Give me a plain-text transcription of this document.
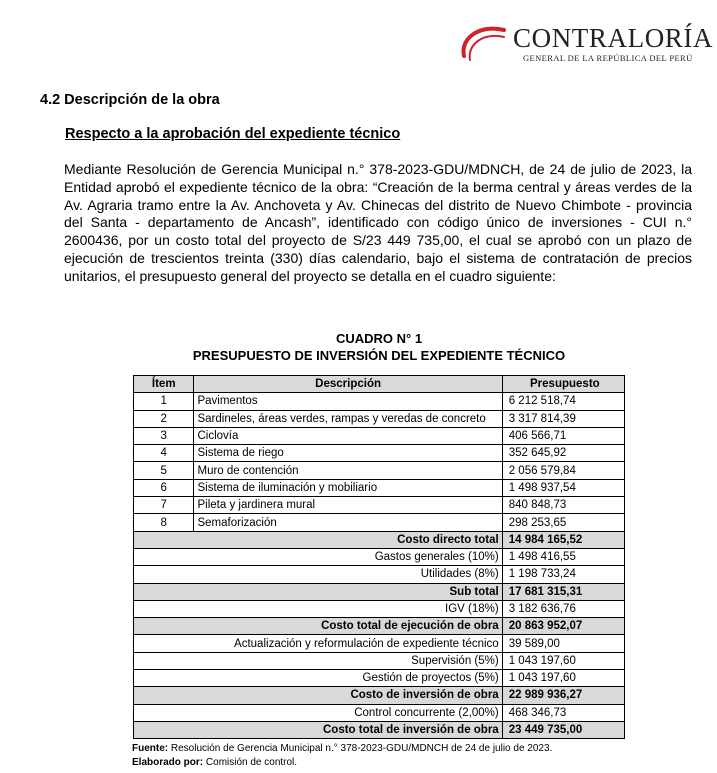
CONTRALORÍA
GENERAL DE LA REPÚBLICA DEL PERÚ
4.2 Descripción de la obra
Respecto a la aprobación del expediente técnico
Mediante Resolución de Gerencia Municipal n.° 378-2023-GDU/MDNCH, de 24 de julio de 2023, la Entidad aprobó el expediente técnico de la obra: “Creación de la berma central y áreas verdes de la Av. Agraria tramo entre la Av. Anchoveta y Av. Chinecas del distrito de Nuevo Chimbote - provincia del Santa - departamento de Ancash”, identificado con código único de inversiones - CUI n.° 2600436, por un costo total del proyecto de S/23 449 735,00, el cual se aprobó con un plazo de ejecución de trescientos treinta (330) días calendario, bajo el sistema de contratación de precios unitarios, el presupuesto general del proyecto se detalla en el cuadro siguiente:
CUADRO N° 1
PRESUPUESTO DE INVERSIÓN DEL EXPEDIENTE TÉCNICO
Ítem	Descripción	Presupuesto
1	Pavimentos	6 212 518,74
2	Sardineles, áreas verdes, rampas y veredas de concreto	3 317 814,39
3	Ciclovía	406 566,71
4	Sistema de riego	352 645,92
5	Muro de contención	2 056 579,84
6	Sistema de iluminación y mobiliario	1 498 937,54
7	Pileta y jardinera mural	840 848,73
8	Semaforización	298 253,65
Costo directo total		14 984 165,52
Gastos generales (10%)		1 498 416,55
Utilidades (8%)		1 198 733,24
Sub total		17 681 315,31
IGV (18%)		3 182 636,76
Costo total de ejecución de obra		20 863 952,07
Actualización y reformulación de expediente técnico		39 589,00
Supervisión (5%)		1 043 197,60
Gestión de proyectos (5%)		1 043 197,60
Costo de inversión de obra		22 989 936,27
Control concurrente (2,00%)		468 346,73
Costo total de inversión de obra		23 449 735,00
Fuente: Resolución de Gerencia Municipal n.° 378-2023-GDU/MDNCH de 24 de julio de 2023.
Elaborado por: Comisión de control.
